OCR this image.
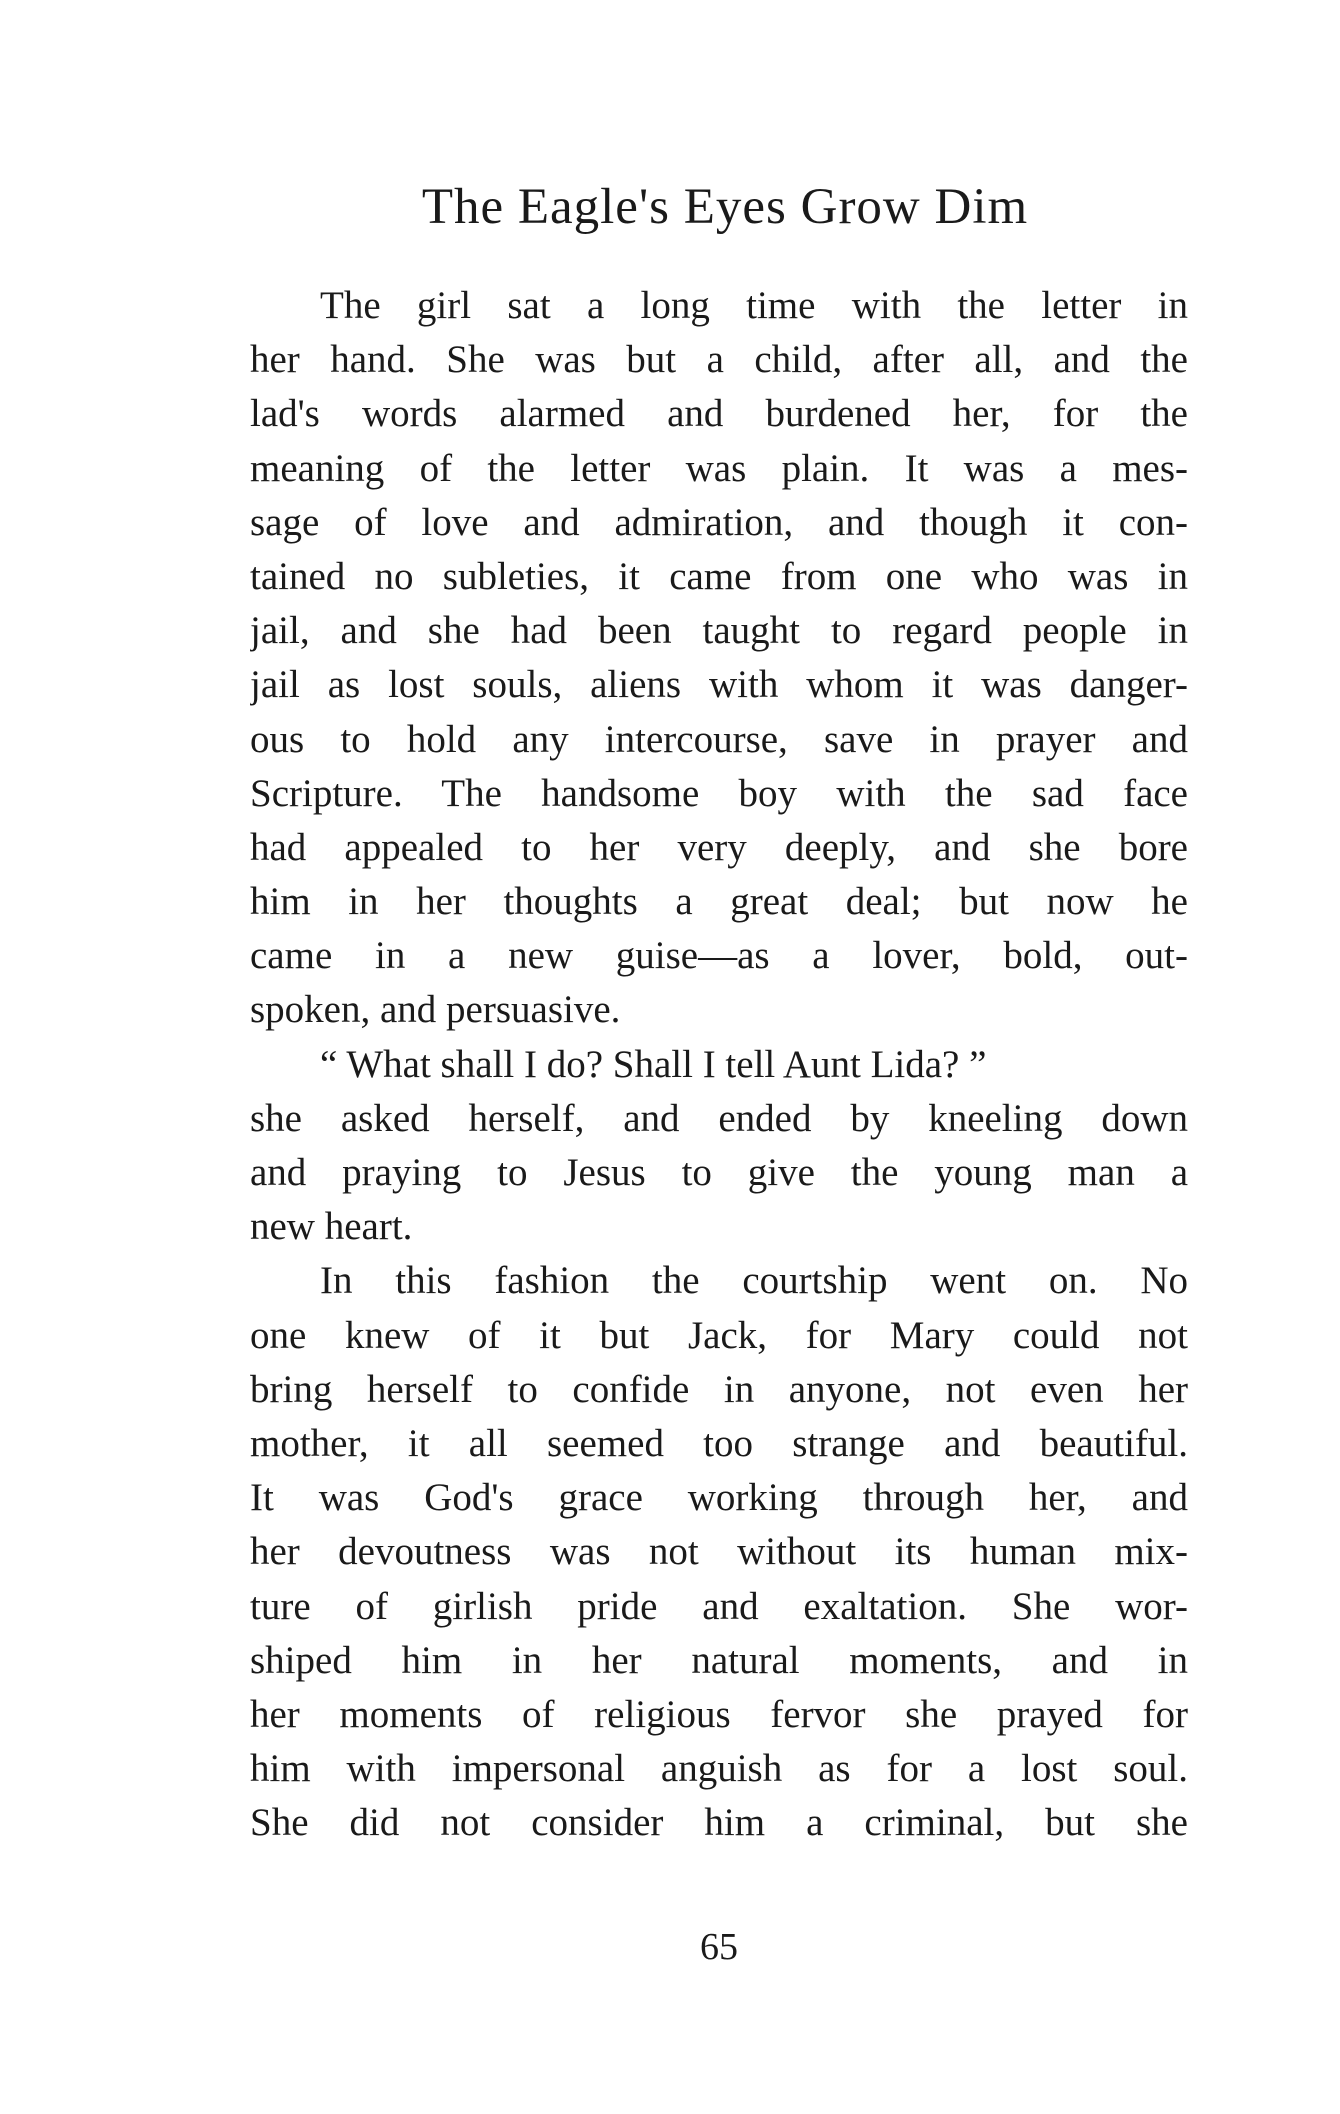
The Eagle's Eyes Grow Dim
The girl sat a long time with the letter in
her hand. She was but a child, after all, and the
lad's words alarmed and burdened her, for the
meaning of the letter was plain. It was a mes-
sage of love and admiration, and though it con-
tained no subleties, it came from one who was in
jail, and she had been taught to regard people in
jail as lost souls, aliens with whom it was danger-
ous to hold any intercourse, save in prayer and
Scripture. The handsome boy with the sad face
had appealed to her very deeply, and she bore
him in her thoughts a great deal; but now he
came in a new guise—as a lover, bold, out-
spoken, and persuasive.
“ What shall I do? Shall I tell Aunt Lida? ”
she asked herself, and ended by kneeling down
and praying to Jesus to give the young man a
new heart.
In this fashion the courtship went on. No
one knew of it but Jack, for Mary could not
bring herself to confide in anyone, not even her
mother, it all seemed too strange and beautiful.
It was God's grace working through her, and
her devoutness was not without its human mix-
ture of girlish pride and exaltation. She wor-
shiped him in her natural moments, and in
her moments of religious fervor she prayed for
him with impersonal anguish as for a lost soul.
She did not consider him a criminal, but she
65
